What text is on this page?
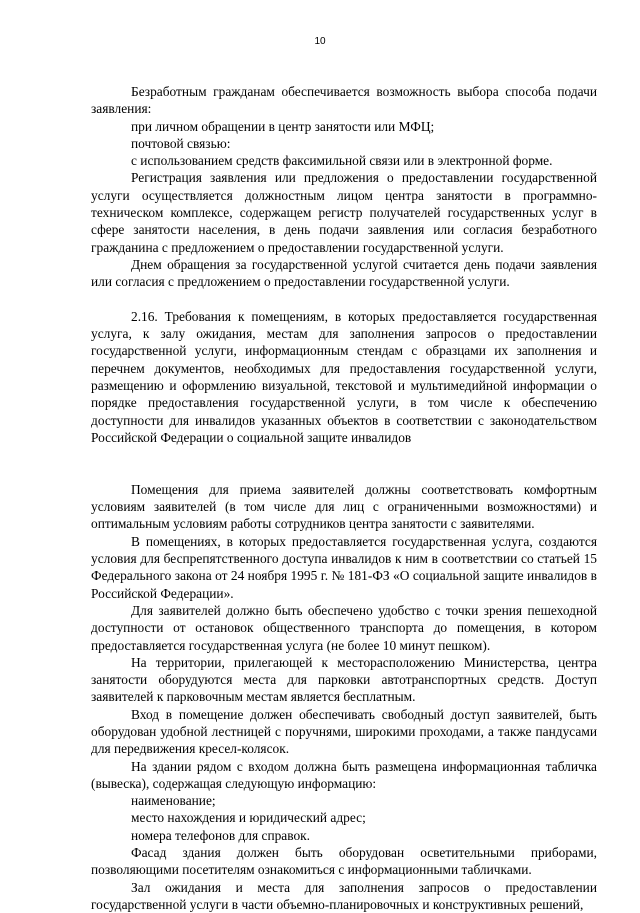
10

Безработным гражданам обеспечивается возможность выбора способа подачи заявления:

при личном обращении в центр занятости или МФЦ;

почтовой связью:

с использованием средств факсимильной связи или в электронной форме.

Регистрация заявления или предложения о предоставлении государственной услуги осуществляется должностным лицом центра занятости в программно-техническом комплексе, содержащем регистр получателей государственных услуг в сфере занятости населения, в день подачи заявления или согласия безработного гражданина с предложением о предоставлении государственной услуги.

Днем обращения за государственной услугой считается день подачи заявления или согласия с предложением о предоставлении государственной услуги.

2.16. Требования к помещениям, в которых предоставляется государственная услуга, к залу ожидания, местам для заполнения запросов о предоставлении государственной услуги, информационным стендам с образцами их заполнения и перечнем документов, необходимых для предоставления государственной услуги, размещению и оформлению визуальной, текстовой и мультимедийной информации о порядке предоставления государственной услуги, в том числе к обеспечению доступности для инвалидов указанных объектов в соответствии с законодательством Российской Федерации о социальной защите инвалидов

Помещения для приема заявителей должны соответствовать комфортным условиям заявителей (в том числе для лиц с ограниченными возможностями) и оптимальным условиям работы сотрудников центра занятости с заявителями.

В помещениях, в которых предоставляется государственная услуга, создаются условия для беспрепятственного доступа инвалидов к ним в соответствии со статьей 15 Федерального закона от 24 ноября 1995 г. № 181-ФЗ «О социальной защите инвалидов в Российской Федерации».

Для заявителей должно быть обеспечено удобство с точки зрения пешеходной доступности от остановок общественного транспорта до помещения, в котором предоставляется государственная услуга (не более 10 минут пешком).

На территории, прилегающей к месторасположению Министерства, центра занятости оборудуются места для парковки автотранспортных средств. Доступ заявителей к парковочным местам является бесплатным.

Вход в помещение должен обеспечивать свободный доступ заявителей, быть оборудован удобной лестницей с поручнями, широкими проходами, а также пандусами для передвижения кресел-колясок.

На здании рядом с входом должна быть размещена информационная табличка (вывеска), содержащая следующую информацию:

наименование;

место нахождения и юридический адрес;

номера телефонов для справок.

Фасад здания должен быть оборудован осветительными приборами, позволяющими посетителям ознакомиться с информационными табличками.

Зал ожидания и места для заполнения запросов о предоставлении государственной услуги в части объемно-планировочных и конструктивных решений,
